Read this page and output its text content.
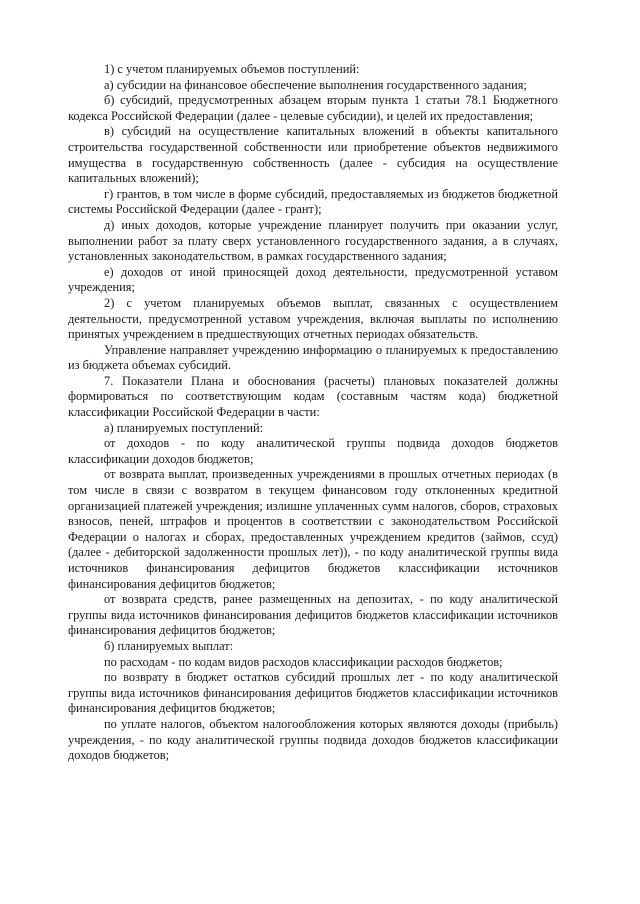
1) с учетом планируемых объемов поступлений:

а) субсидии на финансовое обеспечение выполнения государственного задания;

б) субсидий, предусмотренных абзацем вторым пункта 1 статьи 78.1 Бюджетного кодекса Российской Федерации (далее - целевые субсидии), и целей их предоставления;

в) субсидий на осуществление капитальных вложений в объекты капитального строительства государственной собственности или приобретение объектов недвижимого имущества в государственную собственность (далее - субсидия на осуществление капитальных вложений);

г) грантов, в том числе в форме субсидий, предоставляемых из бюджетов бюджетной системы Российской Федерации (далее - грант);

д) иных доходов, которые учреждение планирует получить при оказании услуг, выполнении работ за плату сверх установленного государственного задания, а в случаях, установленных законодательством, в рамках государственного задания;

е) доходов от иной приносящей доход деятельности, предусмотренной уставом учреждения;

2) с учетом планируемых объемов выплат, связанных с осуществлением деятельности, предусмотренной уставом учреждения, включая выплаты по исполнению принятых учреждением в предшествующих отчетных периодах обязательств.

Управление направляет учреждению информацию о планируемых к предоставлению из бюджета объемах субсидий.

7. Показатели Плана и обоснования (расчеты) плановых показателей должны формироваться по соответствующим кодам (составным частям кода) бюджетной классификации Российской Федерации в части:

а) планируемых поступлений:

от доходов - по коду аналитической группы подвида доходов бюджетов классификации доходов бюджетов;

от возврата выплат, произведенных учреждениями в прошлых отчетных периодах (в том числе в связи с возвратом в текущем финансовом году отклоненных кредитной организацией платежей учреждения; излишне уплаченных сумм налогов, сборов, страховых взносов, пеней, штрафов и процентов в соответствии с законодательством Российской Федерации о налогах и сборах, предоставленных учреждением кредитов (займов, ссуд) (далее - дебиторской задолженности прошлых лет)), - по коду аналитической группы вида источников финансирования дефицитов бюджетов классификации источников финансирования дефицитов бюджетов;

от возврата средств, ранее размещенных на депозитах, - по коду аналитической группы вида источников финансирования дефицитов бюджетов классификации источников финансирования дефицитов бюджетов;

б) планируемых выплат:

по расходам - по кодам видов расходов классификации расходов бюджетов;

по возврату в бюджет остатков субсидий прошлых лет - по коду аналитической группы вида источников финансирования дефицитов бюджетов классификации источников финансирования дефицитов бюджетов;

по уплате налогов, объектом налогообложения которых являются доходы (прибыль) учреждения, - по коду аналитической группы подвида доходов бюджетов классификации доходов бюджетов;
